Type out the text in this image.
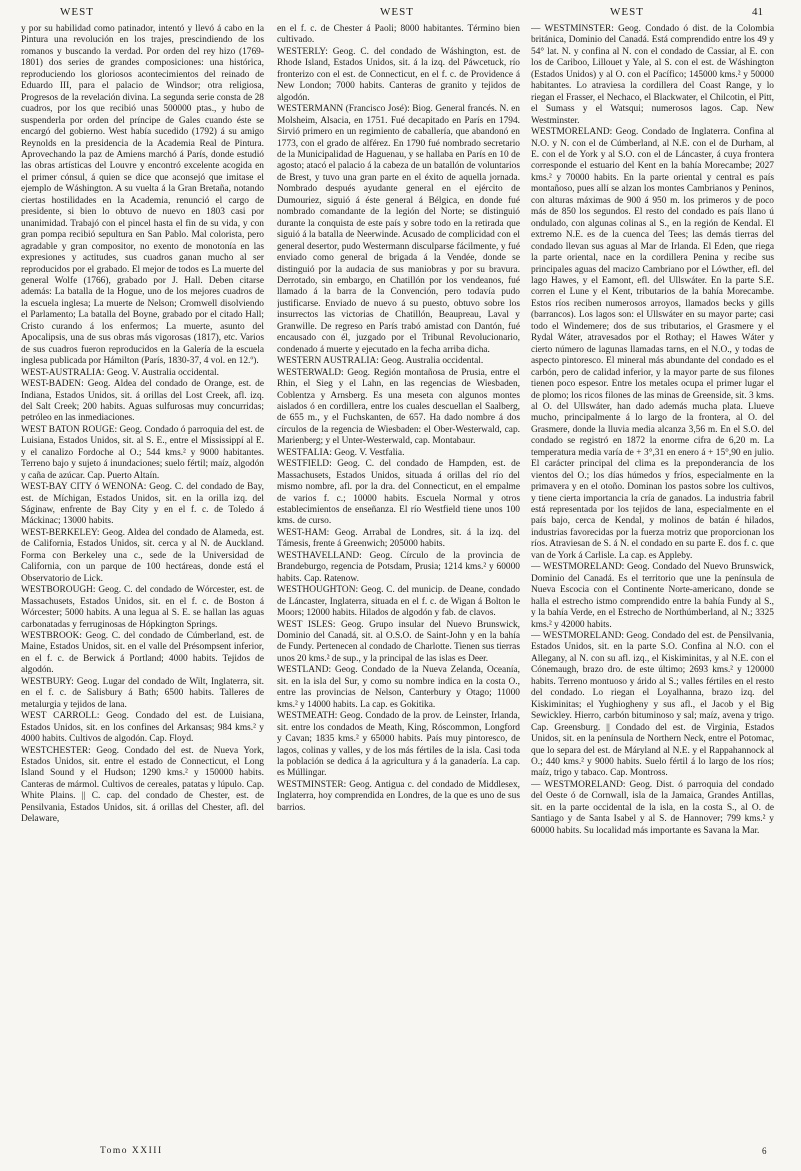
WEST	WEST	WEST	41

y por su habilidad como patinador, intentó y llevó á cabo en la Pintura una revolución en los trajes, prescindiendo de los romanos y buscando la verdad. Por orden del rey hizo (1769-1801) dos series de grandes composiciones: una histórica, reproduciendo los gloriosos acontecimientos del reinado de Eduardo III, para el palacio de Windsor; otra religiosa, Progresos de la revelación divina. La segunda serie consta de 28 cuadros, por los que recibió unas 500000 ptas., y hubo de suspenderla por orden del príncipe de Gales cuando éste se encargó del gobierno. West había sucedido (1792) á su amigo Reynolds en la presidencia de la Academia Real de Pintura. Aprovechando la paz de Amiens marchó á París, donde estudió las obras artísticas del Louvre y encontró excelente acogida en el primer cónsul, á quien se dice que aconsejó que imitase el ejemplo de Wáshington. A su vuelta á la Gran Bretaña, notando ciertas hostilidades en la Academia, renunció el cargo de presidente, si bien lo obtuvo de nuevo en 1803 casi por unanimidad. Trabajó con el pincel hasta el fin de su vida, y con gran pompa recibió sepultura en San Pablo. Mal colorista, pero agradable y gran compositor, no exento de monotonía en las expresiones y actitudes, sus cuadros ganan mucho al ser reproducidos por el grabado. El mejor de todos es La muerte del general Wolfe (1766), grabado por J. Hall. Deben citarse además: La batalla de la Hogue, uno de los mejores cuadros de la escuela inglesa; La muerte de Nelson; Cromwell disolviendo el Parlamento; La batalla del Boyne, grabado por el citado Hall; Cristo curando á los enfermos; La muerte, asunto del Apocalipsis, una de sus obras más vigorosas (1817), etc. Varios de sus cuadros fueron reproducidos en la Galería de la escuela inglesa publicada por Hámilton (París, 1830-37, 4 vol. en 12.º).

WEST-AUSTRALIA: Geog. V. Australia occidental.

WEST-BADEN: Geog. Aldea del condado de Orange, est. de Indiana, Estados Unidos, sit. á orillas del Lost Creek, afl. izq. del Salt Creek; 200 habits. Aguas sulfurosas muy concurridas; petróleo en las inmediaciones.

WEST BATON ROUGE: Geog. Condado ó parroquia del est. de Luisiana, Estados Unidos, sit. al S. E., entre el Mississippí al E. y el canalizo Fordoche al O.; 544 kms.² y 9000 habitantes. Terreno bajo y sujeto á inundaciones; suelo fértil; maíz, algodón y caña de azúcar. Cap. Puerto Altaín.

WEST-BAY CITY ó WENONA: Geog. C. del condado de Bay, est. de Míchigan, Estados Unidos, sit. en la orilla izq. del Ságinaw, enfrente de Bay City y en el f. c. de Toledo á Máckinac; 13000 habits.

WEST-BERKELEY: Geog. Aldea del condado de Alameda, est. de California, Estados Unidos, sit. cerca y al N. de Auckland. Forma con Berkeley una c., sede de la Universidad de California, con un parque de 100 hectáreas, donde está el Observatorio de Lick.

WESTBOROUGH: Geog. C. del condado de Wórcester, est. de Massachusets, Estados Unidos, sit. en el f. c. de Boston á Wórcester; 5000 habits. A una legua al S. E. se hallan las aguas carbonatadas y ferruginosas de Hópkington Springs.

WESTBROOK: Geog. C. del condado de Cúmberland, est. de Maine, Estados Unidos, sit. en el valle del Présompsent inferior, en el f. c. de Berwick á Portland; 4000 habits. Tejidos de algodón.

WESTBURY: Geog. Lugar del condado de Wilt, Inglaterra, sit. en el f. c. de Salisbury á Bath; 6500 habits. Talleres de metalurgia y tejidos de lana.

WEST CARROLL: Geog. Condado del est. de Luisiana, Estados Unidos, sit. en los confines del Arkansas; 984 kms.² y 4000 habits. Cultivos de algodón. Cap. Floyd.

WESTCHESTER: Geog. Condado del est. de Nueva York, Estados Unidos, sit. entre el estado de Connecticut, el Long Island Sound y el Hudson; 1290 kms.² y 150000 habits. Canteras de mármol. Cultivos de cereales, patatas y lúpulo. Cap. White Plains. || C. cap. del condado de Chester, est. de Pensilvania, Estados Unidos, sit. á orillas del Chester, afl. del Delaware,

en el f. c. de Chester á Paoli; 8000 habitantes. Término bien cultivado.

WESTERLY: Geog. C. del condado de Wáshington, est. de Rhode Island, Estados Unidos, sit. á la izq. del Páwcetuck, río fronterizo con el est. de Connecticut, en el f. c. de Providence á New London; 7000 habits. Canteras de granito y tejidos de algodón.

WESTERMANN (Francisco José): Biog. General francés. N. en Molsheim, Alsacia, en 1751. Fué decapitado en París en 1794. Sirvió primero en un regimiento de caballería, que abandonó en 1773, con el grado de alférez. En 1790 fué nombrado secretario de la Municipalidad de Haguenau, y se hallaba en París en 10 de agosto; atacó el palacio á la cabeza de un batallón de voluntarios de Brest, y tuvo una gran parte en el éxito de aquella jornada. Nombrado después ayudante general en el ejército de Dumouriez, siguió á éste general á Bélgica, en donde fué nombrado comandante de la legión del Norte; se distinguió durante la conquista de este país y sobre todo en la retirada que siguió á la batalla de Neerwinde. Acusado de complicidad con el general desertor, pudo Westermann disculparse fácilmente, y fué enviado como general de brigada á la Vendée, donde se distinguió por la audacia de sus maniobras y por su bravura. Derrotado, sin embargo, en Chatillón por los vendeanos, fué llamado á la barra de la Convención, pero todavía pudo justificarse. Enviado de nuevo á su puesto, obtuvo sobre los insurrectos las victorias de Chatillón, Beaupreau, Laval y Granwille. De regreso en París trabó amistad con Dantón, fué encausado con él, juzgado por el Tribunal Revolucionario, condenado á muerte y ejecutado en la fecha arriba dicha.

WESTERN AUSTRALIA: Geog. Australia occidental.

WESTERWALD: Geog. Región montañosa de Prusia, entre el Rhin, el Sieg y el Lahn, en las regencias de Wiesbaden, Coblentza y Arnsberg. Es una meseta con algunos montes aislados ó en cordillera, entre los cuales descuellan el Saalberg, de 655 m., y el Fuchskanten, de 657. Ha dado nombre á dos círculos de la regencia de Wiesbaden: el Ober-Westerwald, cap. Marienberg; y el Unter-Westerwald, cap. Montabaur.

WESTFALIA: Geog. V. Vestfalia.

WESTFIELD: Geog. C. del condado de Hampden, est. de Massachusets, Estados Unidos, situada á orillas del río del mismo nombre, afl. por la dra. del Connecticut, en el empalme de varios f. c.; 10000 habits. Escuela Normal y otros establecimientos de enseñanza. El río Westfield tiene unos 100 kms. de curso.

WEST-HAM: Geog. Arrabal de Londres, sit. á la izq. del Támesis, frente á Greenwich; 205000 habits.

WESTHAVELLAND: Geog. Círculo de la provincia de Brandeburgo, regencia de Potsdam, Prusia; 1214 kms.² y 60000 habits. Cap. Ratenow.

WESTHOUGHTON: Geog. C. del municip. de Deane, condado de Láncaster, Inglaterra, situada en el f. c. de Wigan á Bolton le Moors; 12000 habits. Hilados de algodón y fab. de clavos.

WEST ISLES: Geog. Grupo insular del Nuevo Brunswick, Dominio del Canadá, sit. al O.S.O. de Saint-John y en la bahía de Fundy. Pertenecen al condado de Charlotte. Tienen sus tierras unos 20 kms.² de sup., y la principal de las islas es Deer.

WESTLAND: Geog. Condado de la Nueva Zelanda, Oceanía, sit. en la isla del Sur, y como su nombre indica en la costa O., entre las provincias de Nelson, Canterbury y Otago; 11000 kms.² y 14000 habits. La cap. es Gokitika.

WESTMEATH: Geog. Condado de la prov. de Leinster, Irlanda, sit. entre los condados de Meath, King, Róscommon, Longford y Cavan; 1835 kms.² y 65000 habits. País muy pintoresco, de lagos, colinas y valles, y de los más fértiles de la isla. Casi toda la población se dedica á la agricultura y á la ganadería. La cap. es Múllingar.

WESTMINSTER: Geog. Antigua c. del condado de Middlesex, Inglaterra, hoy comprendida en Londres, de la que es uno de sus barrios.

— WESTMINSTER: Geog. Condado ó dist. de la Colombia británica, Dominio del Canadá. Está comprendido entre los 49 y 54° lat. N. y confina al N. con el condado de Cassiar, al E. con los de Cariboo, Lillouet y Yale, al S. con el est. de Wáshington (Estados Unidos) y al O. con el Pacífico; 145000 kms.² y 50000 habitantes. Lo atraviesa la cordillera del Coast Range, y lo riegan el Frasser, el Nechaco, el Blackwater, el Chilcotin, el Pitt, el Sumass y el Watsqui; numerosos lagos. Cap. New Westminster.

WESTMORELAND: Geog. Condado de Inglaterra. Confina al N.O. y N. con el de Cúmberland, al N.E. con el de Durham, al E. con el de York y al S.O. con el de Láncaster, á cuya frontera corresponde el estuario del Kent en la bahía Morecambe; 2027 kms.² y 70000 habits. En la parte oriental y central es país montañoso, pues allí se alzan los montes Cambrianos y Peninos, con alturas máximas de 900 á 950 m. los primeros y de poco más de 850 los segundos. El resto del condado es país llano ú ondulado, con algunas colinas al S., en la región de Kendal. El extremo N.E. es de la cuenca del Tees; las demás tierras del condado llevan sus aguas al Mar de Irlanda. El Eden, que riega la parte oriental, nace en la cordillera Penina y recibe sus principales aguas del macizo Cambriano por el Lówther, efl. del lago Hawes, y el Eamont, efl. del Ullswáter. En la parte S.E. corren el Lune y el Kent, tributarios de la bahía Morecambe. Estos ríos reciben numerosos arroyos, llamados becks y gills (barrancos). Los lagos son: el Ullswáter en su mayor parte; casi todo el Windemere; dos de sus tributarios, el Grasmere y el Rydal Wáter, atravesados por el Rothay; el Hawes Wáter y cierto número de lagunas llamadas tarns, en el N.O., y todas de aspecto pintoresco. El mineral más abundante del condado es el carbón, pero de calidad inferior, y la mayor parte de sus filones tienen poco espesor. Entre los metales ocupa el primer lugar el de plomo; los ricos filones de las minas de Greenside, sit. 3 kms. al O. del Ullswáter, han dado además mucha plata. Llueve mucho, principalmente á lo largo de la frontera, al O. del Grasmere, donde la lluvia media alcanza 3,56 m. En el S.O. del condado se registró en 1872 la enorme cifra de 6,20 m. La temperatura media varía de + 3°,31 en enero á + 15°,90 en julio. El carácter principal del clima es la preponderancia de los vientos del O.; los días húmedos y fríos, especialmente en la primavera y en el otoño. Dominan los pastos sobre los cultivos, y tiene cierta importancia la cría de ganados. La industria fabril está representada por los tejidos de lana, especialmente en el país bajo, cerca de Kendal, y molinos de batán é hilados, industrias favorecidas por la fuerza motriz que proporcionan los ríos. Atraviesan de S. á N. el condado en su parte E. dos f. c. que van de York á Carlisle. La cap. es Appleby.

— WESTMORELAND: Geog. Condado del Nuevo Brunswick, Dominio del Canadá. Es el territorio que une la península de Nueva Escocia con el Continente Norte-americano, donde se halla el estrecho istmo comprendido entre la bahía Fundy al S., y la bahía Verde, en el Estrecho de Northúmberland, al N.; 3325 kms.² y 42000 habits.

— WESTMORELAND: Geog. Condado del est. de Pensilvania, Estados Unidos, sit. en la parte S.O. Confina al N.O. con el Allegany, al N. con su afl. izq., el Kiskiminitas, y al N.E. con el Cónemaugh, brazo dro. de este último; 2693 kms.² y 120000 habits. Terreno montuoso y árido al S.; valles fértiles en el resto del condado. Lo riegan el Loyalhanna, brazo izq. del Kiskiminitas; el Yughiogheny y sus afl., el Jacob y el Big Sewickley. Hierro, carbón bituminoso y sal; maíz, avena y trigo. Cap. Greensburg. || Condado del est. de Virginia, Estados Unidos, sit. en la península de Northern Neck, entre el Potomac, que lo separa del est. de Máryland al N.E. y el Rappahannock al O.; 440 kms.² y 9000 habits. Suelo fértil á lo largo de los ríos; maíz, trigo y tabaco. Cap. Montross.

— WESTMORELAND: Geog. Dist. ó parroquia del condado del Oeste ó de Cornwall, isla de la Jamaica, Grandes Antillas, sit. en la parte occidental de la isla, en la costa S., al O. de Santiago y de Santa Isabel y al S. de Hannover; 799 kms.² y 60000 habits. Su localidad más importante es Savana la Mar.

Tomo XXIII	6
